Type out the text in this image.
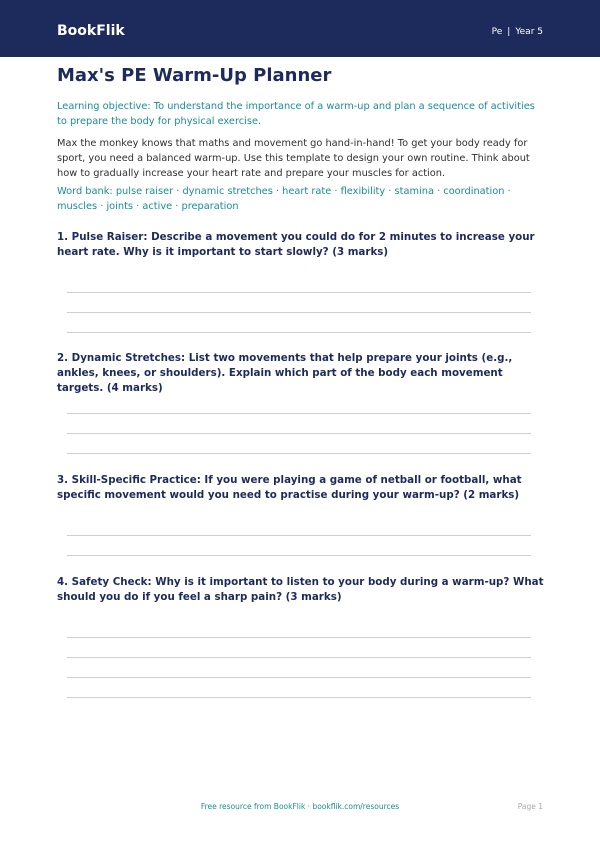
BookFlik	Pe | Year 5
Max's PE Warm-Up Planner

Learning objective: To understand the importance of a warm-up and plan a sequence of activities to prepare the body for physical exercise.

Max the monkey knows that maths and movement go hand-in-hand! To get your body ready for sport, you need a balanced warm-up. Use this template to design your own routine. Think about how to gradually increase your heart rate and prepare your muscles for action.

Word bank: pulse raiser · dynamic stretches · heart rate · flexibility · stamina · coordination · muscles · joints · active · preparation

1. Pulse Raiser: Describe a movement you could do for 2 minutes to increase your heart rate. Why is it important to start slowly? (3 marks)

2. Dynamic Stretches: List two movements that help prepare your joints (e.g., ankles, knees, or shoulders). Explain which part of the body each movement targets. (4 marks)

3. Skill-Specific Practice: If you were playing a game of netball or football, what specific movement would you need to practise during your warm-up? (2 marks)

4. Safety Check: Why is it important to listen to your body during a warm-up? What should you do if you feel a sharp pain? (3 marks)

Free resource from BookFlik · bookflik.com/resources	Page 1
